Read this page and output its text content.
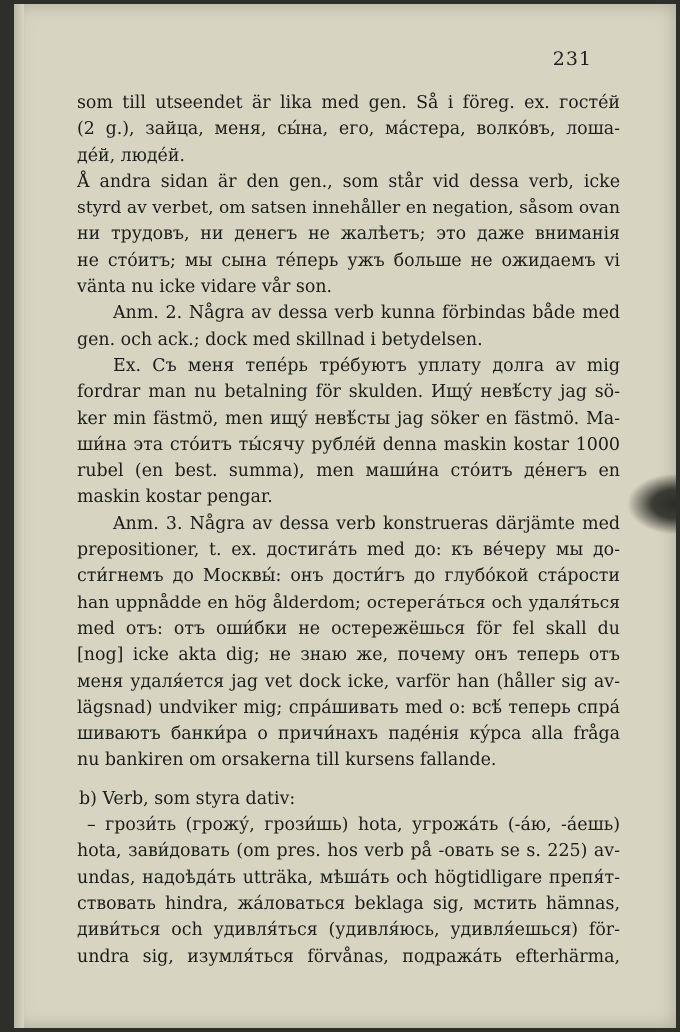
231

som till utseendet är lika med gen. Så i föreg. ex. гостéй
(2 g.), зайца, меня, сы́на, его, мáстера, волкóвъ, лоша-
дéй, людéй.

Å andra sidan är den gen., som står vid dessa verb, icke
styrd av verbet, om satsen innehåller en negation, såsom ovan
ни трудовъ, ни денегъ не жалѣетъ; это даже вниманія
не стóитъ; мы сына тéперь ужъ больше не ожидаемъ vi
vänta nu icke vidare vår son.

Anm. 2. Några av dessa verb kunna förbindas både med
gen. och ack.; dock med skillnad i betydelsen.

Ex. Съ меня тепéрь трéбуютъ уплату долга av mig
fordrar man nu betalning för skulden. Ищу́ невѣ́сту jag sö-
ker min fästmö, men ищу́ невѣ́сты jag söker en fästmö. Ма-
ши́на эта стóитъ ты́сячу рублéй denna maskin kostar 1000
rubel (en best. summa), men маши́на стóитъ дéнегъ en
maskin kostar pengar.

Anm. 3. Några av dessa verb konstrueras därjämte med
prepositioner, t. ex. достигáть med до: къ вéчеру мы до-
сти́гнемъ до Москвы́: онъ дости́гъ до глубóкой стáрости
han uppnådde en hög ålderdom; остерегáться och удаля́ться
med отъ: отъ оши́бки не остережёшься för fel skall du
[nog] icke akta dig; не знаю же, почему онъ теперь отъ
меня удаля́ется jag vet dock icke, varför han (håller sig av-
lägsnad) undviker mig; спрáшивать med о: всѣ́ теперь спрá
шиваютъ банки́ра о причи́нахъ падéнія кýрса alla fråga
nu bankiren om orsakerna till kursens fallande.

b) Verb, som styra dativ:

– грози́ть (грожу́, грози́шь) hota, угрожáть (-áю, -áешь)
hota, зави́довать (om pres. hos verb på -овать se s. 225) av-
undas, надоѣдáть utträka, мѣшáть och högtidligare препя́т-
ствовать hindra, жáловаться beklaga sig, мстить hämnas,
диви́ться och удивля́ться (удивля́юсь, удивля́ешься) för-
undra sig, изумля́ться förvånas, подражáть efterhärma,
